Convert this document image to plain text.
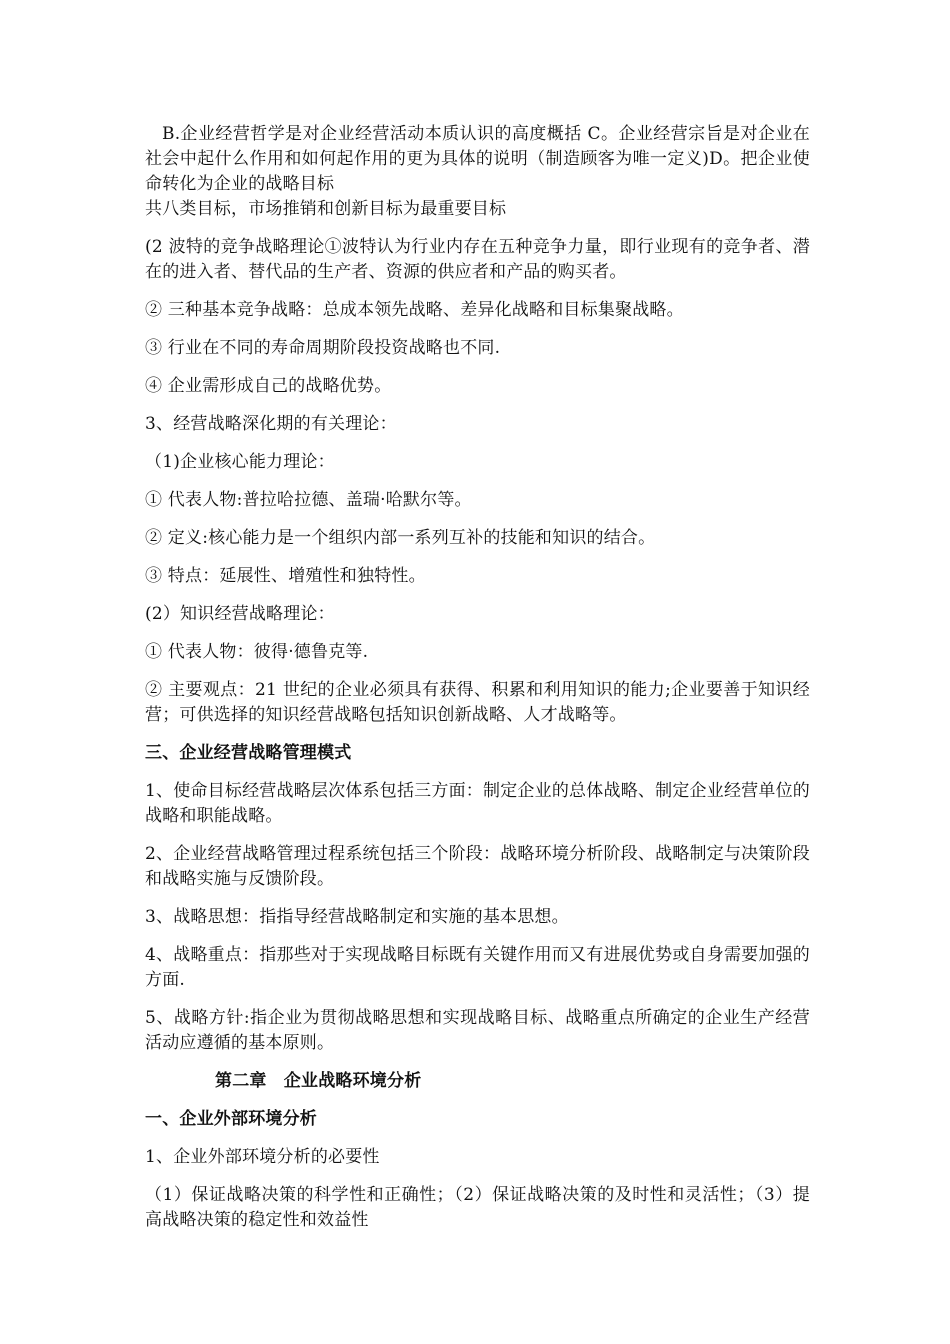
B.企业经营哲学是对企业经营活动本质认识的高度概括 C。企业经营宗旨是对企业在社会中起什么作用和如何起作用的更为具体的说明（制造顾客为唯一定义)D。把企业使命转化为企业的战略目标

共八类目标，市场推销和创新目标为最重要目标

(2 波特的竞争战略理论①波特认为行业内存在五种竞争力量，即行业现有的竞争者、潜在的进入者、替代品的生产者、资源的供应者和产品的购买者。

② 三种基本竞争战略：总成本领先战略、差异化战略和目标集聚战略。

③ 行业在不同的寿命周期阶段投资战略也不同.

④ 企业需形成自己的战略优势。

3、经营战略深化期的有关理论：

（1)企业核心能力理论：

① 代表人物:普拉哈拉德、盖瑞·哈默尔等。

② 定义:核心能力是一个组织内部一系列互补的技能和知识的结合。

③ 特点：延展性、增殖性和独特性。

(2）知识经营战略理论：

① 代表人物：彼得·德鲁克等.

② 主要观点：21 世纪的企业必须具有获得、积累和利用知识的能力;企业要善于知识经营；可供选择的知识经营战略包括知识创新战略、人才战略等。

三、企业经营战略管理模式

1、使命目标经营战略层次体系包括三方面：制定企业的总体战略、制定企业经营单位的战略和职能战略。

2、企业经营战略管理过程系统包括三个阶段：战略环境分析阶段、战略制定与决策阶段和战略实施与反馈阶段。

3、战略思想：指指导经营战略制定和实施的基本思想。

4、战略重点：指那些对于实现战略目标既有关键作用而又有进展优势或自身需要加强的方面.

5、战略方针:指企业为贯彻战略思想和实现战略目标、战略重点所确定的企业生产经营活动应遵循的基本原则。

第二章　企业战略环境分析

一、企业外部环境分析

1、企业外部环境分析的必要性

（1）保证战略决策的科学性和正确性；（2）保证战略决策的及时性和灵活性；（3）提高战略决策的稳定性和效益性
